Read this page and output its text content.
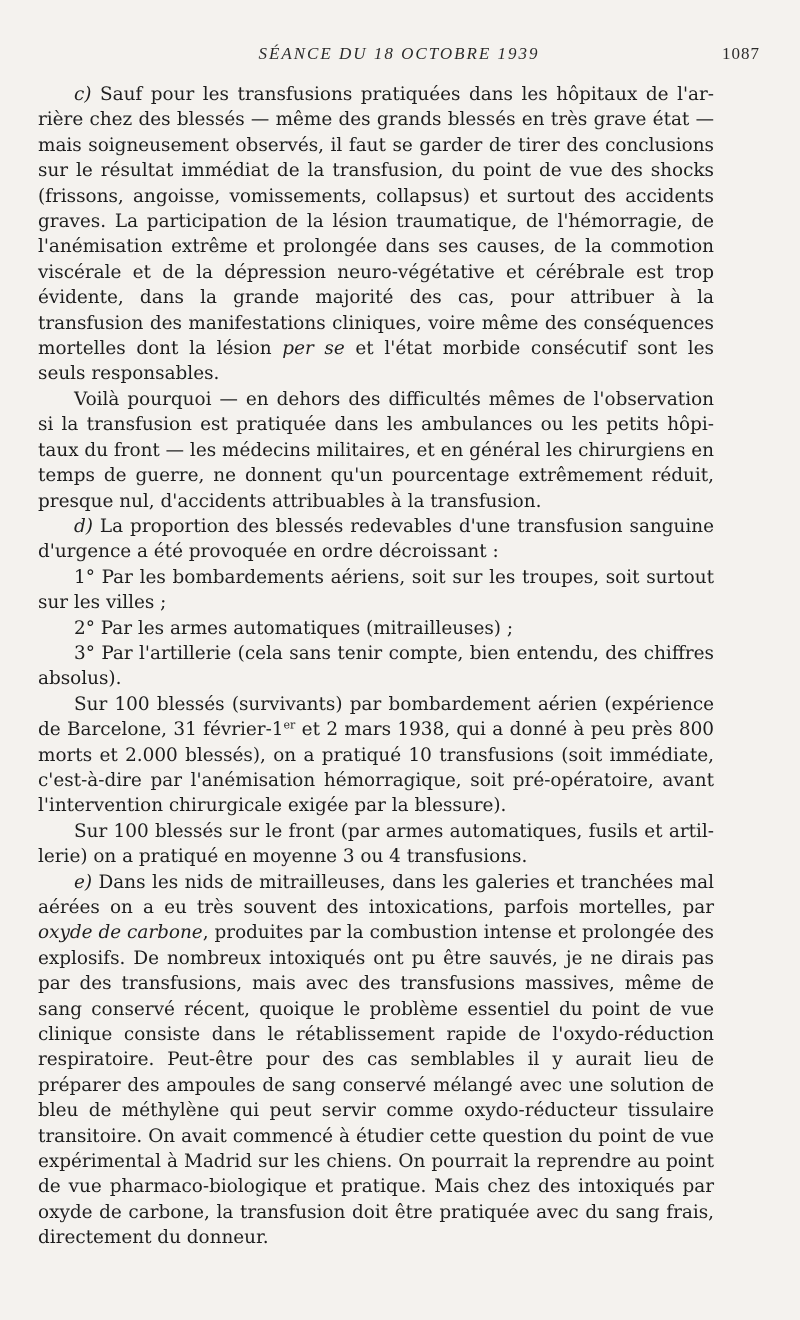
SÉANCE DU 18 OCTOBRE 1939	1087

c) Sauf pour les transfusions pratiquées dans les hôpitaux de l'arrière chez des blessés — même des grands blessés en très grave état — mais soigneusement observés, il faut se garder de tirer des conclusions sur le résultat immédiat de la transfusion, du point de vue des shocks (frissons, angoisse, vomissements, collapsus) et surtout des accidents graves. La participation de la lésion traumatique, de l'hémorragie, de l'anémisation extrême et prolongée dans ses causes, de la commotion viscérale et de la dépression neuro-végétative et cérébrale est trop évidente, dans la grande majorité des cas, pour attribuer à la transfusion des manifestations cliniques, voire même des conséquences mortelles dont la lésion per se et l'état morbide consécutif sont les seuls responsables.

Voilà pourquoi — en dehors des difficultés mêmes de l'observation si la transfusion est pratiquée dans les ambulances ou les petits hôpitaux du front — les médecins militaires, et en général les chirurgiens en temps de guerre, ne donnent qu'un pourcentage extrêmement réduit, presque nul, d'accidents attribuables à la transfusion.

d) La proportion des blessés redevables d'une transfusion sanguine d'urgence a été provoquée en ordre décroissant :

1° Par les bombardements aériens, soit sur les troupes, soit surtout sur les villes ;

2° Par les armes automatiques (mitrailleuses) ;

3° Par l'artillerie (cela sans tenir compte, bien entendu, des chiffres absolus).

Sur 100 blessés (survivants) par bombardement aérien (expérience de Barcelone, 31 février-1er et 2 mars 1938, qui a donné à peu près 800 morts et 2.000 blessés), on a pratiqué 10 transfusions (soit immédiate, c'est-à-dire par l'anémisation hémorragique, soit pré-opératoire, avant l'intervention chirurgicale exigée par la blessure).

Sur 100 blessés sur le front (par armes automatiques, fusils et artillerie) on a pratiqué en moyenne 3 ou 4 transfusions.

e) Dans les nids de mitrailleuses, dans les galeries et tranchées mal aérées on a eu très souvent des intoxications, parfois mortelles, par oxyde de carbone, produites par la combustion intense et prolongée des explosifs. De nombreux intoxiqués ont pu être sauvés, je ne dirais pas par des transfusions, mais avec des transfusions massives, même de sang conservé récent, quoique le problème essentiel du point de vue clinique consiste dans le rétablissement rapide de l'oxydo-réduction respiratoire. Peut-être pour des cas semblables il y aurait lieu de préparer des ampoules de sang conservé mélangé avec une solution de bleu de méthylène qui peut servir comme oxydo-réducteur tissulaire transitoire. On avait commencé à étudier cette question du point de vue expérimental à Madrid sur les chiens. On pourrait la reprendre au point de vue pharmaco-biologique et pratique. Mais chez des intoxiqués par oxyde de carbone, la transfusion doit être pratiquée avec du sang frais, directement du donneur.
